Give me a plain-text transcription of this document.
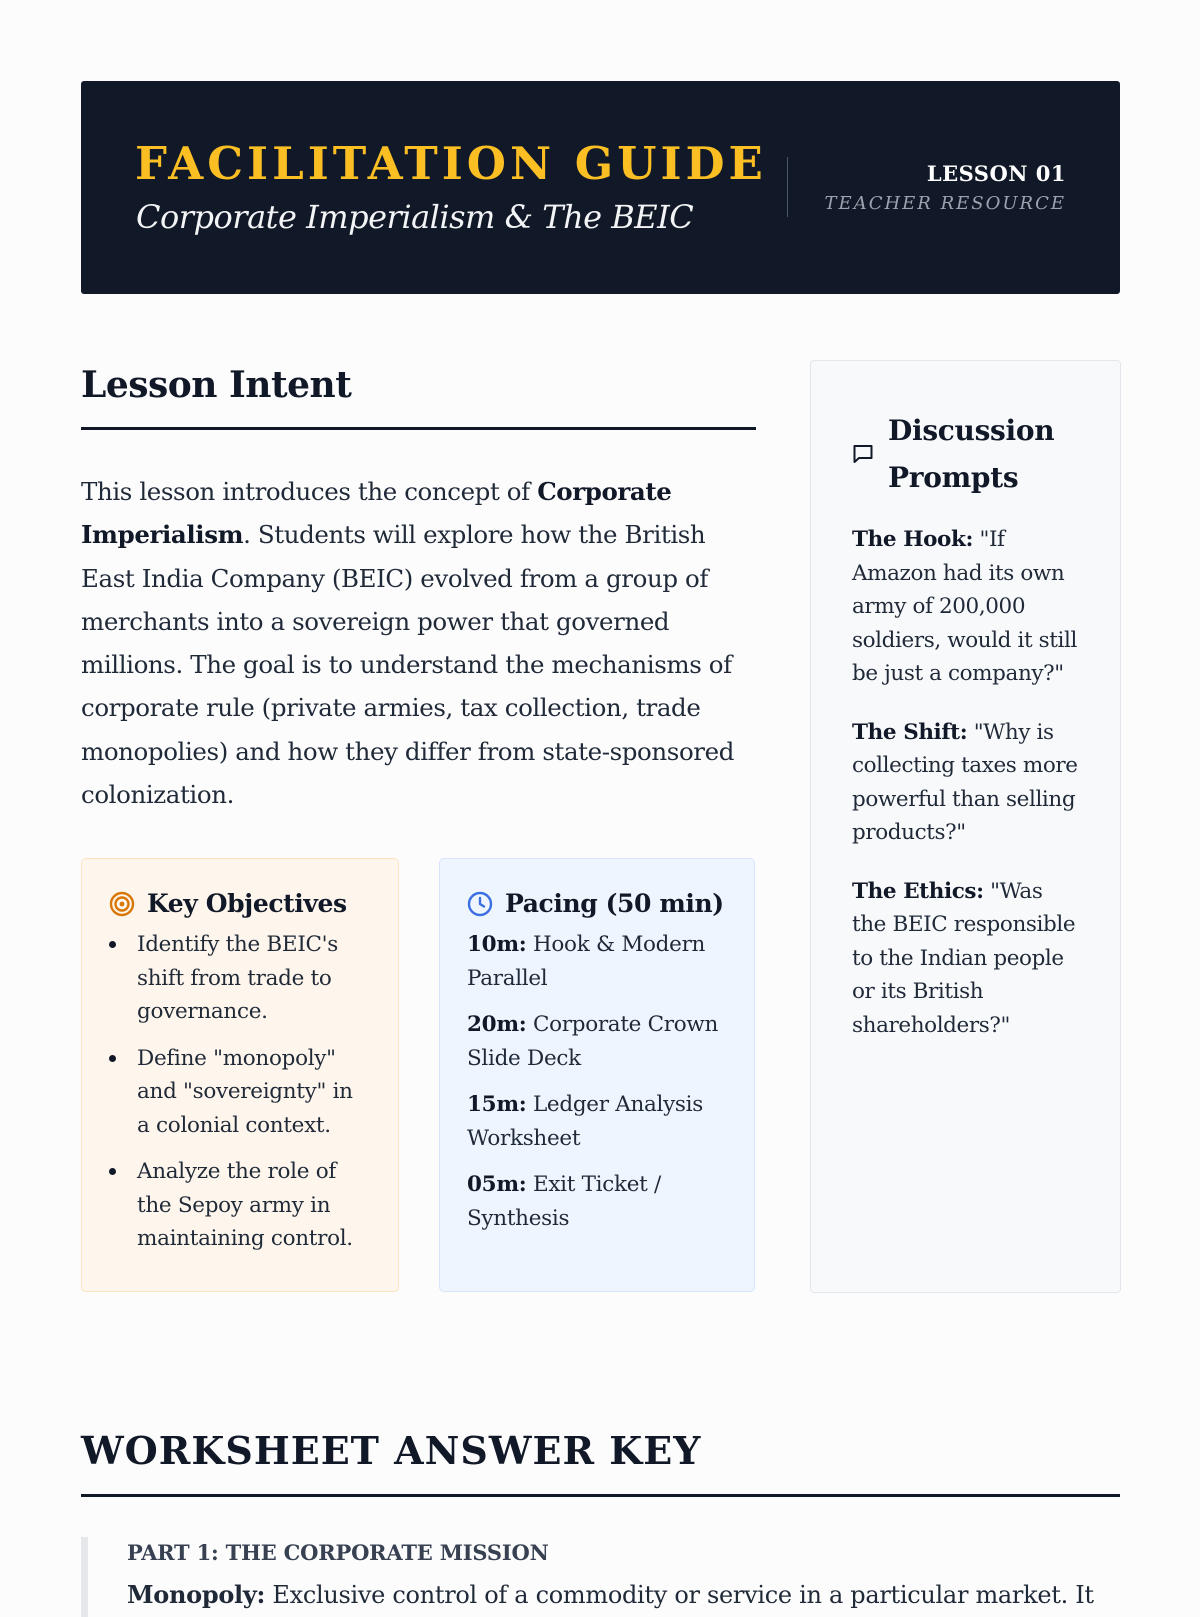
FACILITATION GUIDE
Corporate Imperialism & The BEIC
LESSON 01
TEACHER RESOURCE
Lesson Intent

This lesson introduces the concept of Corporate Imperialism. Students will explore how the British East India Company (BEIC) evolved from a group of merchants into a sovereign power that governed millions. The goal is to understand the mechanisms of corporate rule (private armies, tax collection, trade monopolies) and how they differ from state-sponsored colonization.

Key Objectives
Identify the BEIC's shift from trade to governance.
Define "monopoly" and "sovereignty" in a colonial context.
Analyze the role of the Sepoy army in maintaining control.
Pacing (50 min)

10m: Hook & Modern Parallel

20m: Corporate Crown Slide Deck

15m: Ledger Analysis Worksheet

05m: Exit Ticket / Synthesis

Discussion Prompts

The Hook: "If Amazon had its own army of 200,000 soldiers, would it still be just a company?"

The Shift: "Why is collecting taxes more powerful than selling products?"

The Ethics: "Was the BEIC responsible to the Indian people or its British shareholders?"

WORKSHEET ANSWER KEY
PART 1: THE CORPORATE MISSION
Monopoly: Exclusive control of a commodity or service in a particular market. It
